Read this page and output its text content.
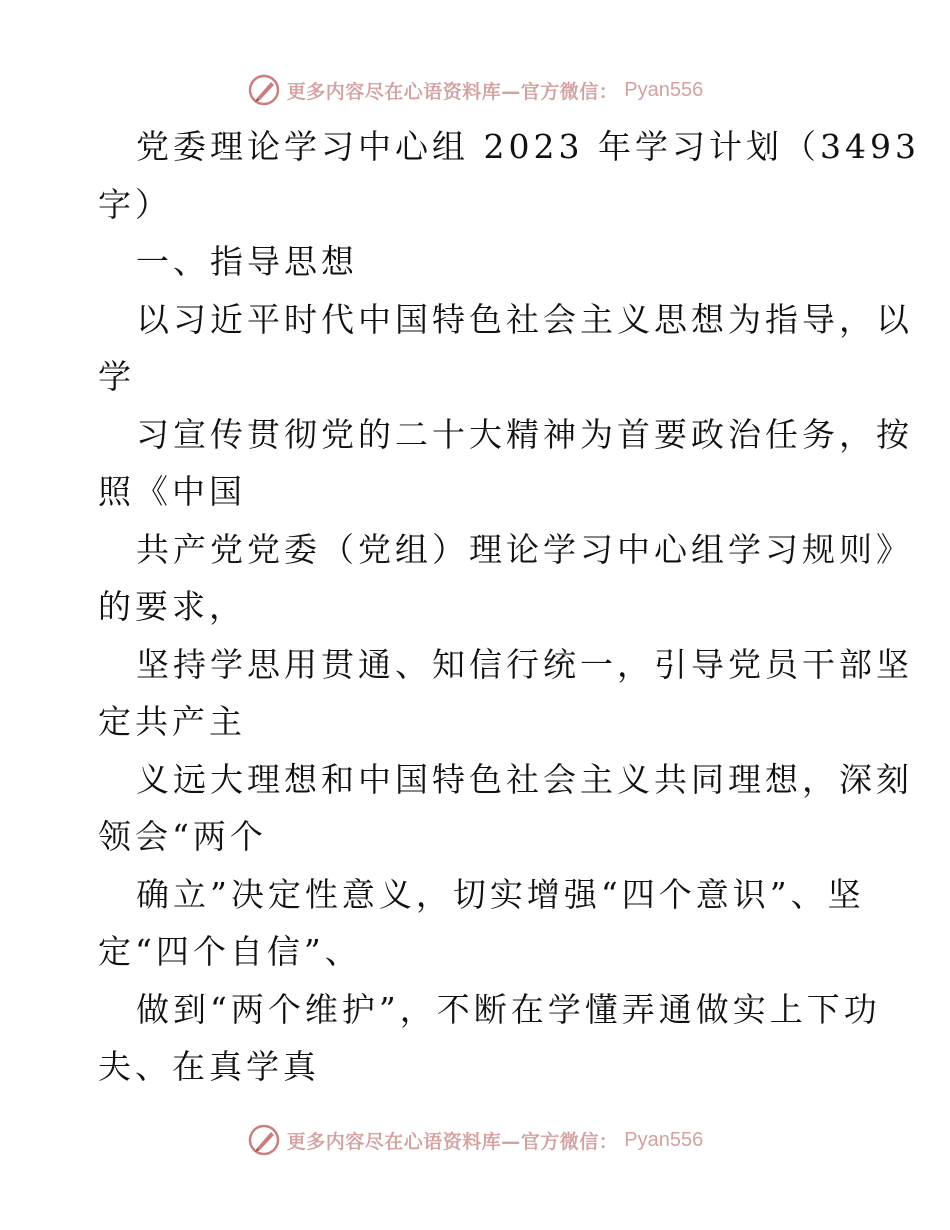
更多内容尽在心语资料库—官方微信： Pyan556
党委理论学习中心组 2023 年学习计划（3493
字）
一、指导思想
以习近平时代中国特色社会主义思想为指导，以
学
习宣传贯彻党的二十大精神为首要政治任务，按
照《中国
共产党党委（党组）理论学习中心组学习规则》
的要求，
坚持学思用贯通、知信行统一，引导党员干部坚
定共产主
义远大理想和中国特色社会主义共同理想，深刻
领会“两个
确立”决定性意义，切实增强“四个意识”、坚
定“四个自信”、
做到“两个维护”，不断在学懂弄通做实上下功
夫、在真学真
更多内容尽在心语资料库—官方微信： Pyan556
